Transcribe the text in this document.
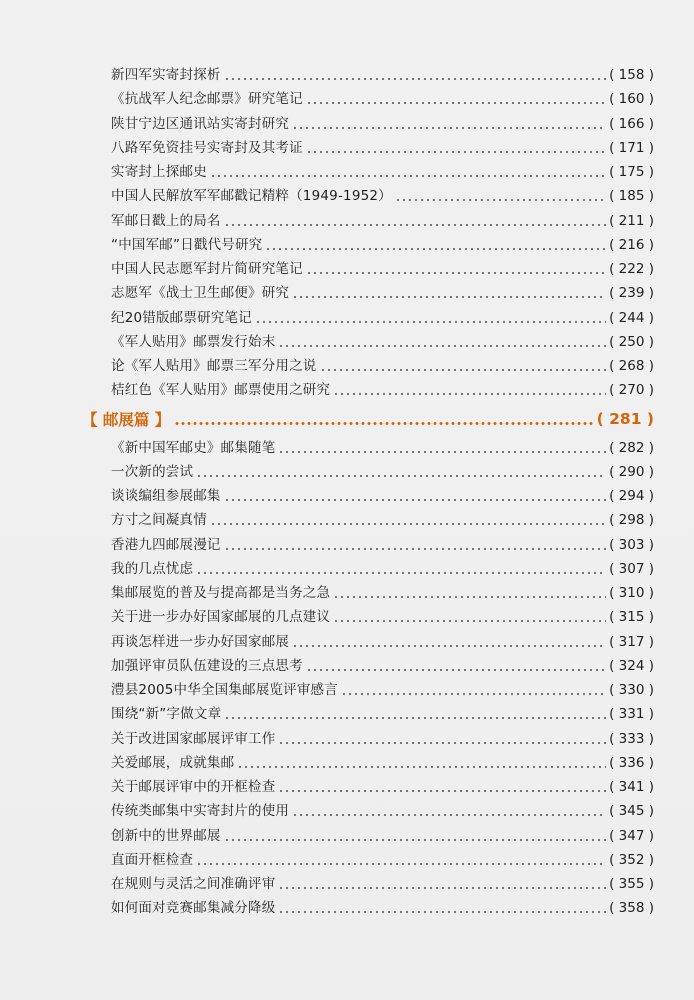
新四军实寄封探析	( 158 )
《抗战军人纪念邮票》研究笔记	( 160 )
陕甘宁边区通讯站实寄封研究	( 166 )
八路军免资挂号实寄封及其考证	( 171 )
实寄封上探邮史	( 175 )
中国人民解放军军邮戳记精粹（1949-1952）	( 185 )
军邮日戳上的局名	( 211 )
“中国军邮”日戳代号研究	( 216 )
中国人民志愿军封片简研究笔记	( 222 )
志愿军《战士卫生邮便》研究	( 239 )
纪20错版邮票研究笔记	( 244 )
《军人贴用》邮票发行始末	( 250 )
论《军人贴用》邮票三军分用之说	( 268 )
桔红色《军人贴用》邮票使用之研究	( 270 )
【 邮展篇 】	( 281 )
《新中国军邮史》邮集随笔	( 282 )
一次新的尝试	( 290 )
谈谈编组参展邮集	( 294 )
方寸之间凝真情	( 298 )
香港九四邮展漫记	( 303 )
我的几点忧虑	( 307 )
集邮展览的普及与提高都是当务之急	( 310 )
关于进一步办好国家邮展的几点建议	( 315 )
再谈怎样进一步办好国家邮展	( 317 )
加强评审员队伍建设的三点思考	( 324 )
澧县2005中华全国集邮展览评审感言	( 330 )
围绕“新”字做文章	( 331 )
关于改进国家邮展评审工作	( 333 )
关爱邮展，成就集邮	( 336 )
关于邮展评审中的开框检查	( 341 )
传统类邮集中实寄封片的使用	( 345 )
创新中的世界邮展	( 347 )
直面开框检查	( 352 )
在规则与灵活之间准确评审	( 355 )
如何面对竞赛邮集减分降级	( 358 )
